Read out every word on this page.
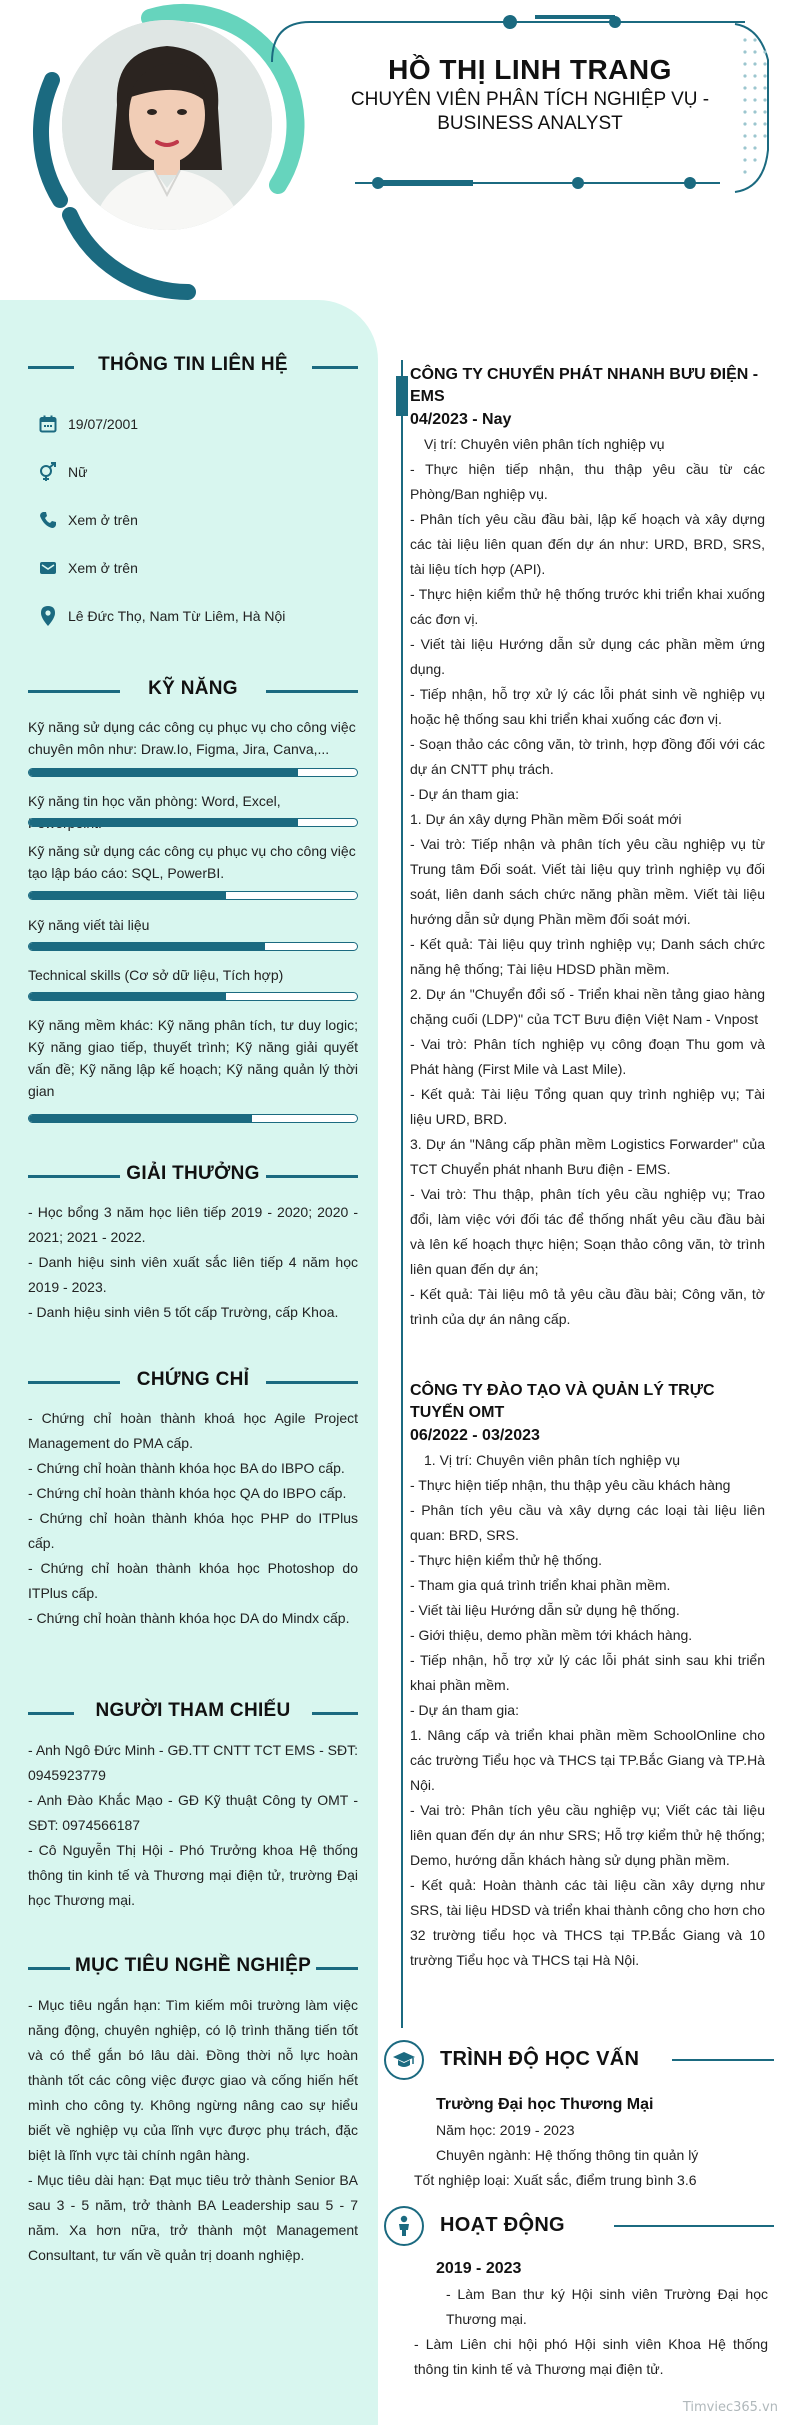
HỒ THỊ LINH TRANG
CHUYÊN VIÊN PHÂN TÍCH NGHIỆP VỤ -
BUSINESS ANALYST
THÔNG TIN LIÊN HỆ
19/07/2001
Nữ
Xem ở trên
Xem ở trên
Lê Đức Thọ, Nam Từ Liêm, Hà Nội
KỸ NĂNG
Kỹ năng sử dụng các công cụ phục vụ cho công việc chuyên môn như: Draw.Io, Figma, Jira, Canva,...
Kỹ năng tin học văn phòng: Word, Excel,
Kỹ năng sử dụng các công cụ phục vụ cho công việc tạo lập báo cáo: SQL, PowerBI.
Kỹ năng viết tài liệu
Technical skills (Cơ sở dữ liệu, Tích hợp)
Kỹ năng mềm khác: Kỹ năng phân tích, tư duy logic; Kỹ năng giao tiếp, thuyết trình; Kỹ năng giải quyết vấn đề; Kỹ năng lập kế hoạch; Kỹ năng quản lý thời gian
GIẢI THƯỞNG

- Học bổng 3 năm học liên tiếp 2019 - 2020; 2020 - 2021; 2021 - 2022.

- Danh hiệu sinh viên xuất sắc liên tiếp 4 năm học 2019 - 2023.

- Danh hiệu sinh viên 5 tốt cấp Trường, cấp Khoa.

CHỨNG CHỈ

- Chứng chỉ hoàn thành khoá học Agile Project Management do PMA cấp.

- Chứng chỉ hoàn thành khóa học BA do IBPO cấp.

- Chứng chỉ hoàn thành khóa học QA do IBPO cấp.

- Chứng chỉ hoàn thành khóa học PHP do ITPlus cấp.

- Chứng chỉ hoàn thành khóa học Photoshop do ITPlus cấp.

- Chứng chỉ hoàn thành khóa học DA do Mindx cấp.

NGƯỜI THAM CHIẾU

- Anh Ngô Đức Minh - GĐ.TT CNTT TCT EMS - SĐT: 0945923779

- Anh Đào Khắc Mạo - GĐ Kỹ thuật Công ty OMT - SĐT: 0974566187

- Cô Nguyễn Thị Hội - Phó Trưởng khoa Hệ thống thông tin kinh tế và Thương mại điện tử, trường Đại học Thương mại.

MỤC TIÊU NGHỀ NGHIỆP

- Mục tiêu ngắn hạn: Tìm kiếm môi trường làm việc năng động, chuyên nghiệp, có lộ trình thăng tiến tốt và có thể gắn bó lâu dài. Đồng thời nỗ lực hoàn thành tốt các công việc được giao và cống hiến hết mình cho công ty. Không ngừng nâng cao sự hiểu biết về nghiệp vụ của lĩnh vực được phụ trách, đặc biệt là lĩnh vực tài chính ngân hàng.

- Mục tiêu dài hạn: Đạt mục tiêu trở thành Senior BA sau 3 - 5 năm, trở thành BA Leadership sau 5 - 7 năm. Xa hơn nữa, trở thành một Management Consultant, tư vấn về quản trị doanh nghiệp.

CÔNG TY CHUYỂN PHÁT NHANH BƯU ĐIỆN - EMS

04/2023 - Nay

Vị trí: Chuyên viên phân tích nghiệp vụ

- Thực hiện tiếp nhận, thu thập yêu cầu từ các Phòng/Ban nghiệp vụ.

- Phân tích yêu cầu đầu bài, lập kế hoạch và xây dựng các tài liệu liên quan đến dự án như: URD, BRD, SRS, tài liệu tích hợp (API).

- Thực hiện kiểm thử hệ thống trước khi triển khai xuống các đơn vị.

- Viết tài liệu Hướng dẫn sử dụng các phần mềm ứng dụng.

- Tiếp nhận, hỗ trợ xử lý các lỗi phát sinh về nghiệp vụ hoặc hệ thống sau khi triển khai xuống các đơn vị.

- Soạn thảo các công văn, tờ trình, hợp đồng đối với các dự án CNTT phụ trách.

- Dự án tham gia:

1. Dự án xây dựng Phần mềm Đối soát mới

- Vai trò: Tiếp nhận và phân tích yêu cầu nghiệp vụ từ Trung tâm Đối soát. Viết tài liệu quy trình nghiệp vụ đối soát, liên danh sách chức năng phần mềm. Viết tài liệu hướng dẫn sử dụng Phần mềm đối soát mới.

- Kết quả: Tài liệu quy trình nghiệp vụ; Danh sách chức năng hệ thống; Tài liệu HDSD phần mềm.

2. Dự án "Chuyển đổi số - Triển khai nền tảng giao hàng chặng cuối (LDP)" của TCT Bưu điện Việt Nam - Vnpost

- Vai trò: Phân tích nghiệp vụ công đoạn Thu gom và Phát hàng (First Mile và Last Mile).

- Kết quả: Tài liệu Tổng quan quy trình nghiệp vụ; Tài liệu URD, BRD.

3. Dự án "Nâng cấp phần mềm Logistics Forwarder" của TCT Chuyển phát nhanh Bưu điện - EMS.

- Vai trò: Thu thập, phân tích yêu cầu nghiệp vụ; Trao đổi, làm việc với đối tác để thống nhất yêu cầu đầu bài và lên kế hoạch thực hiện; Soạn thảo công văn, tờ trình liên quan đến dự án;

- Kết quả: Tài liệu mô tả yêu cầu đầu bài; Công văn, tờ trình của dự án nâng cấp.

CÔNG TY ĐÀO TẠO VÀ QUẢN LÝ TRỰC TUYẾN OMT

06/2022 - 03/2023

1. Vị trí: Chuyên viên phân tích nghiệp vụ

- Thực hiện tiếp nhận, thu thập yêu cầu khách hàng

- Phân tích yêu cầu và xây dựng các loại tài liệu liên quan: BRD, SRS.

- Thực hiện kiểm thử hệ thống.

- Tham gia quá trình triển khai phần mềm.

- Viết tài liệu Hướng dẫn sử dụng hệ thống.

- Giới thiệu, demo phần mềm tới khách hàng.

- Tiếp nhận, hỗ trợ xử lý các lỗi phát sinh sau khi triển khai phần mềm.

- Dự án tham gia:

1. Nâng cấp và triển khai phần mềm SchoolOnline cho các trường Tiểu học và THCS tại TP.Bắc Giang và TP.Hà Nội.

- Vai trò: Phân tích yêu cầu nghiệp vụ; Viết các tài liệu liên quan đến dự án như SRS; Hỗ trợ kiểm thử hệ thống; Demo, hướng dẫn khách hàng sử dụng phần mềm.

- Kết quả: Hoàn thành các tài liệu cần xây dựng như SRS, tài liệu HDSD và triển khai thành công cho hơn cho 32 trường tiểu học và THCS tại TP.Bắc Giang và 10 trường Tiểu học và THCS tại Hà Nội.

TRÌNH ĐỘ HỌC VẤN
Trường Đại học Thương Mại
Năm học: 2019 - 2023
Chuyên ngành: Hệ thống thông tin quản lý
Tốt nghiệp loại: Xuất sắc, điểm trung bình 3.6
HOẠT ĐỘNG
2019 - 2023
- Làm Ban thư ký Hội sinh viên Trường Đại học Thương mại.
- Làm Liên chi hội phó Hội sinh viên Khoa Hệ thống thông tin kinh tế và Thương mại điện tử.
Timviec365.vn
